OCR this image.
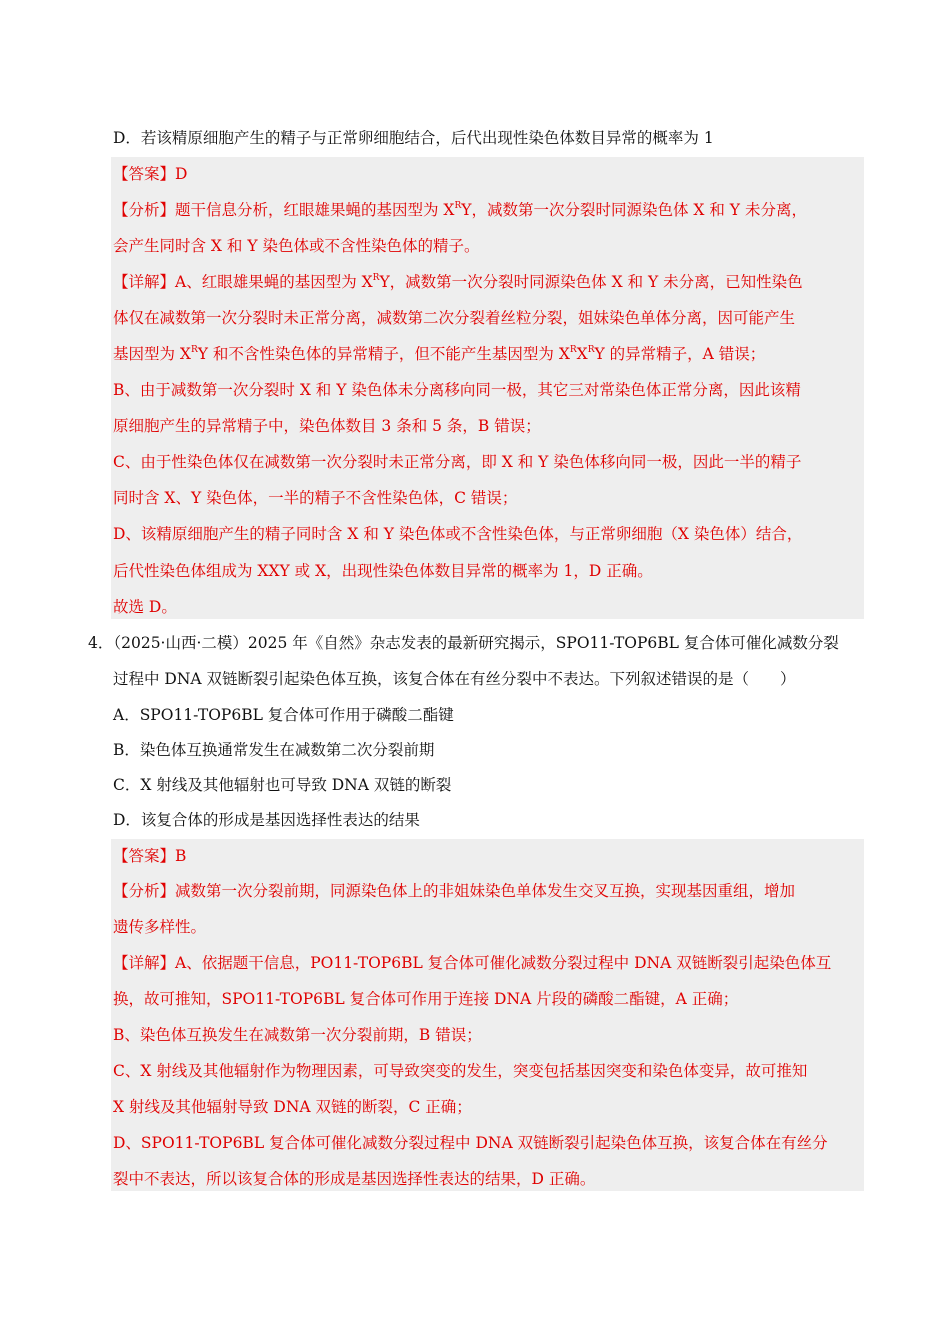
D．若该精原细胞产生的精子与正常卵细胞结合，后代出现性染色体数目异常的概率为 1
【答案】D
【分析】题干信息分析，红眼雄果蝇的基因型为 $X^RY$，减数第一次分裂时同源染色体 X 和 Y 未分离，
会产生同时含 X 和 Y 染色体或不含性染色体的精子。
【详解】A、红眼雄果蝇的基因型为 $X^RY$，减数第一次分裂时同源染色体 X 和 Y 未分离，已知性染色
体仅在减数第一次分裂时未正常分离，减数第二次分裂着丝粒分裂，姐妹染色单体分离，因可能产生
基因型为 $X^RY$ 和不含性染色体的异常精子，但不能产生基因型为 $X^RX^RY$ 的异常精子，A 错误；
B、由于减数第一次分裂时 X 和 Y 染色体未分离移向同一极，其它三对常染色体正常分离，因此该精
原细胞产生的异常精子中，染色体数目 3 条和 5 条，B 错误；
C、由于性染色体仅在减数第一次分裂时未正常分离，即 X 和 Y 染色体移向同一极，因此一半的精子
同时含 X、Y 染色体，一半的精子不含性染色体，C 错误；
D、该精原细胞产生的精子同时含 X 和 Y 染色体或不含性染色体，与正常卵细胞（X 染色体）结合，
后代性染色体组成为 XXY 或 X，出现性染色体数目异常的概率为 1，D 正确。
故选 D。
4．（2025·山西·二模）2025 年《自然》杂志发表的最新研究揭示，SPO11-TOP6BL 复合体可催化减数分裂
过程中 DNA 双链断裂引起染色体互换，该复合体在有丝分裂中不表达。下列叙述错误的是（　　）
A．SPO11-TOP6BL 复合体可作用于磷酸二酯键
B．染色体互换通常发生在减数第二次分裂前期
C．X 射线及其他辐射也可导致 DNA 双链的断裂
D．该复合体的形成是基因选择性表达的结果
【答案】B
【分析】减数第一次分裂前期，同源染色体上的非姐妹染色单体发生交叉互换，实现基因重组，增加
遗传多样性。
【详解】A、依据题干信息，PO11-TOP6BL 复合体可催化减数分裂过程中 DNA 双链断裂引起染色体互
换，故可推知，SPO11-TOP6BL 复合体可作用于连接 DNA 片段的磷酸二酯键，A 正确；
B、染色体互换发生在减数第一次分裂前期，B 错误；
C、X 射线及其他辐射作为物理因素，可导致突变的发生，突变包括基因突变和染色体变异，故可推知
X 射线及其他辐射导致 DNA 双链的断裂，C 正确；
D、SPO11-TOP6BL 复合体可催化减数分裂过程中 DNA 双链断裂引起染色体互换，该复合体在有丝分
裂中不表达，所以该复合体的形成是基因选择性表达的结果，D 正确。
